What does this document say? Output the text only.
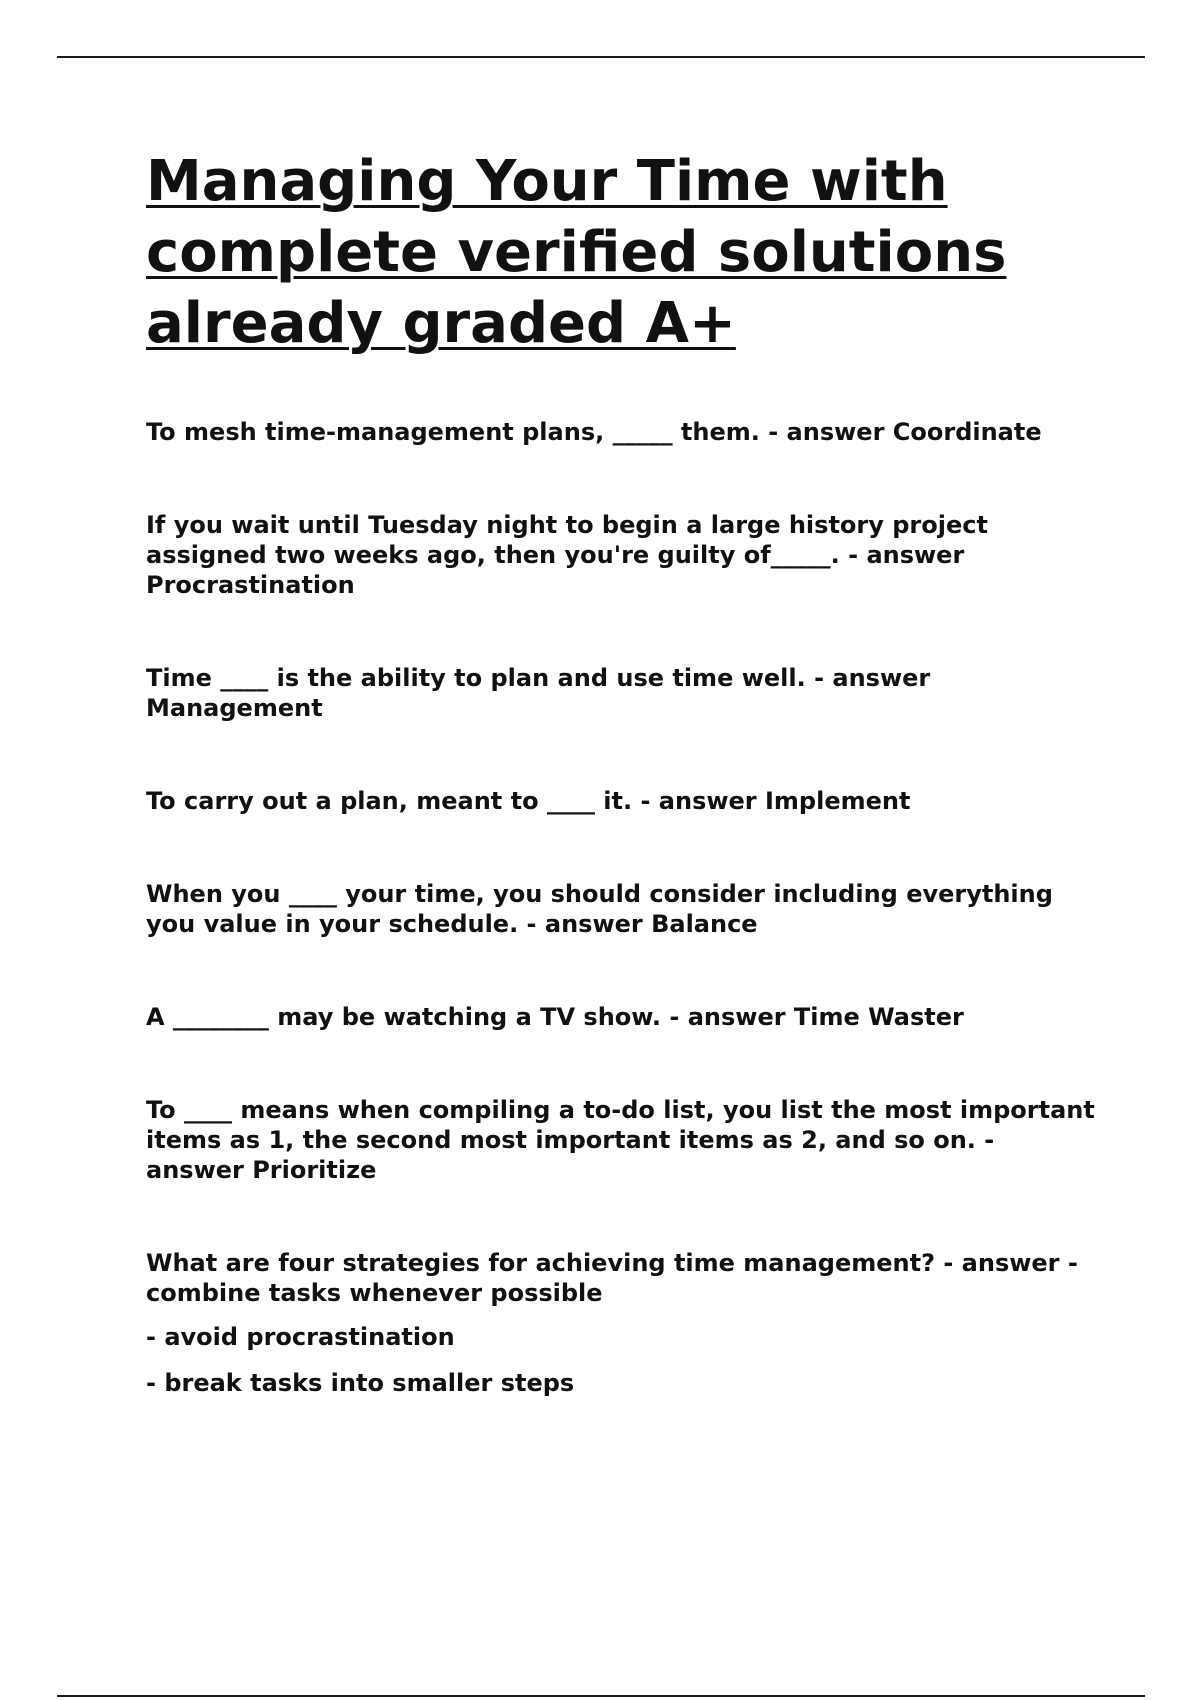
Managing Your Time with
complete verified solutions
already graded A+

To mesh time-management plans, _____ them. - answer Coordinate

If you wait until Tuesday night to begin a large history project assigned two weeks ago, then you're guilty of_____. - answer Procrastination

Time ____ is the ability to plan and use time well. - answer Management

To carry out a plan, meant to ____ it. - answer Implement

When you ____ your time, you should consider including everything you value in your schedule. - answer Balance

A ________ may be watching a TV show. - answer Time Waster

To ____ means when compiling a to-do list, you list the most important items as 1, the second most important items as 2, and so on. - answer Prioritize

What are four strategies for achieving time management? - answer - combine tasks whenever possible

- avoid procrastination

- break tasks into smaller steps
